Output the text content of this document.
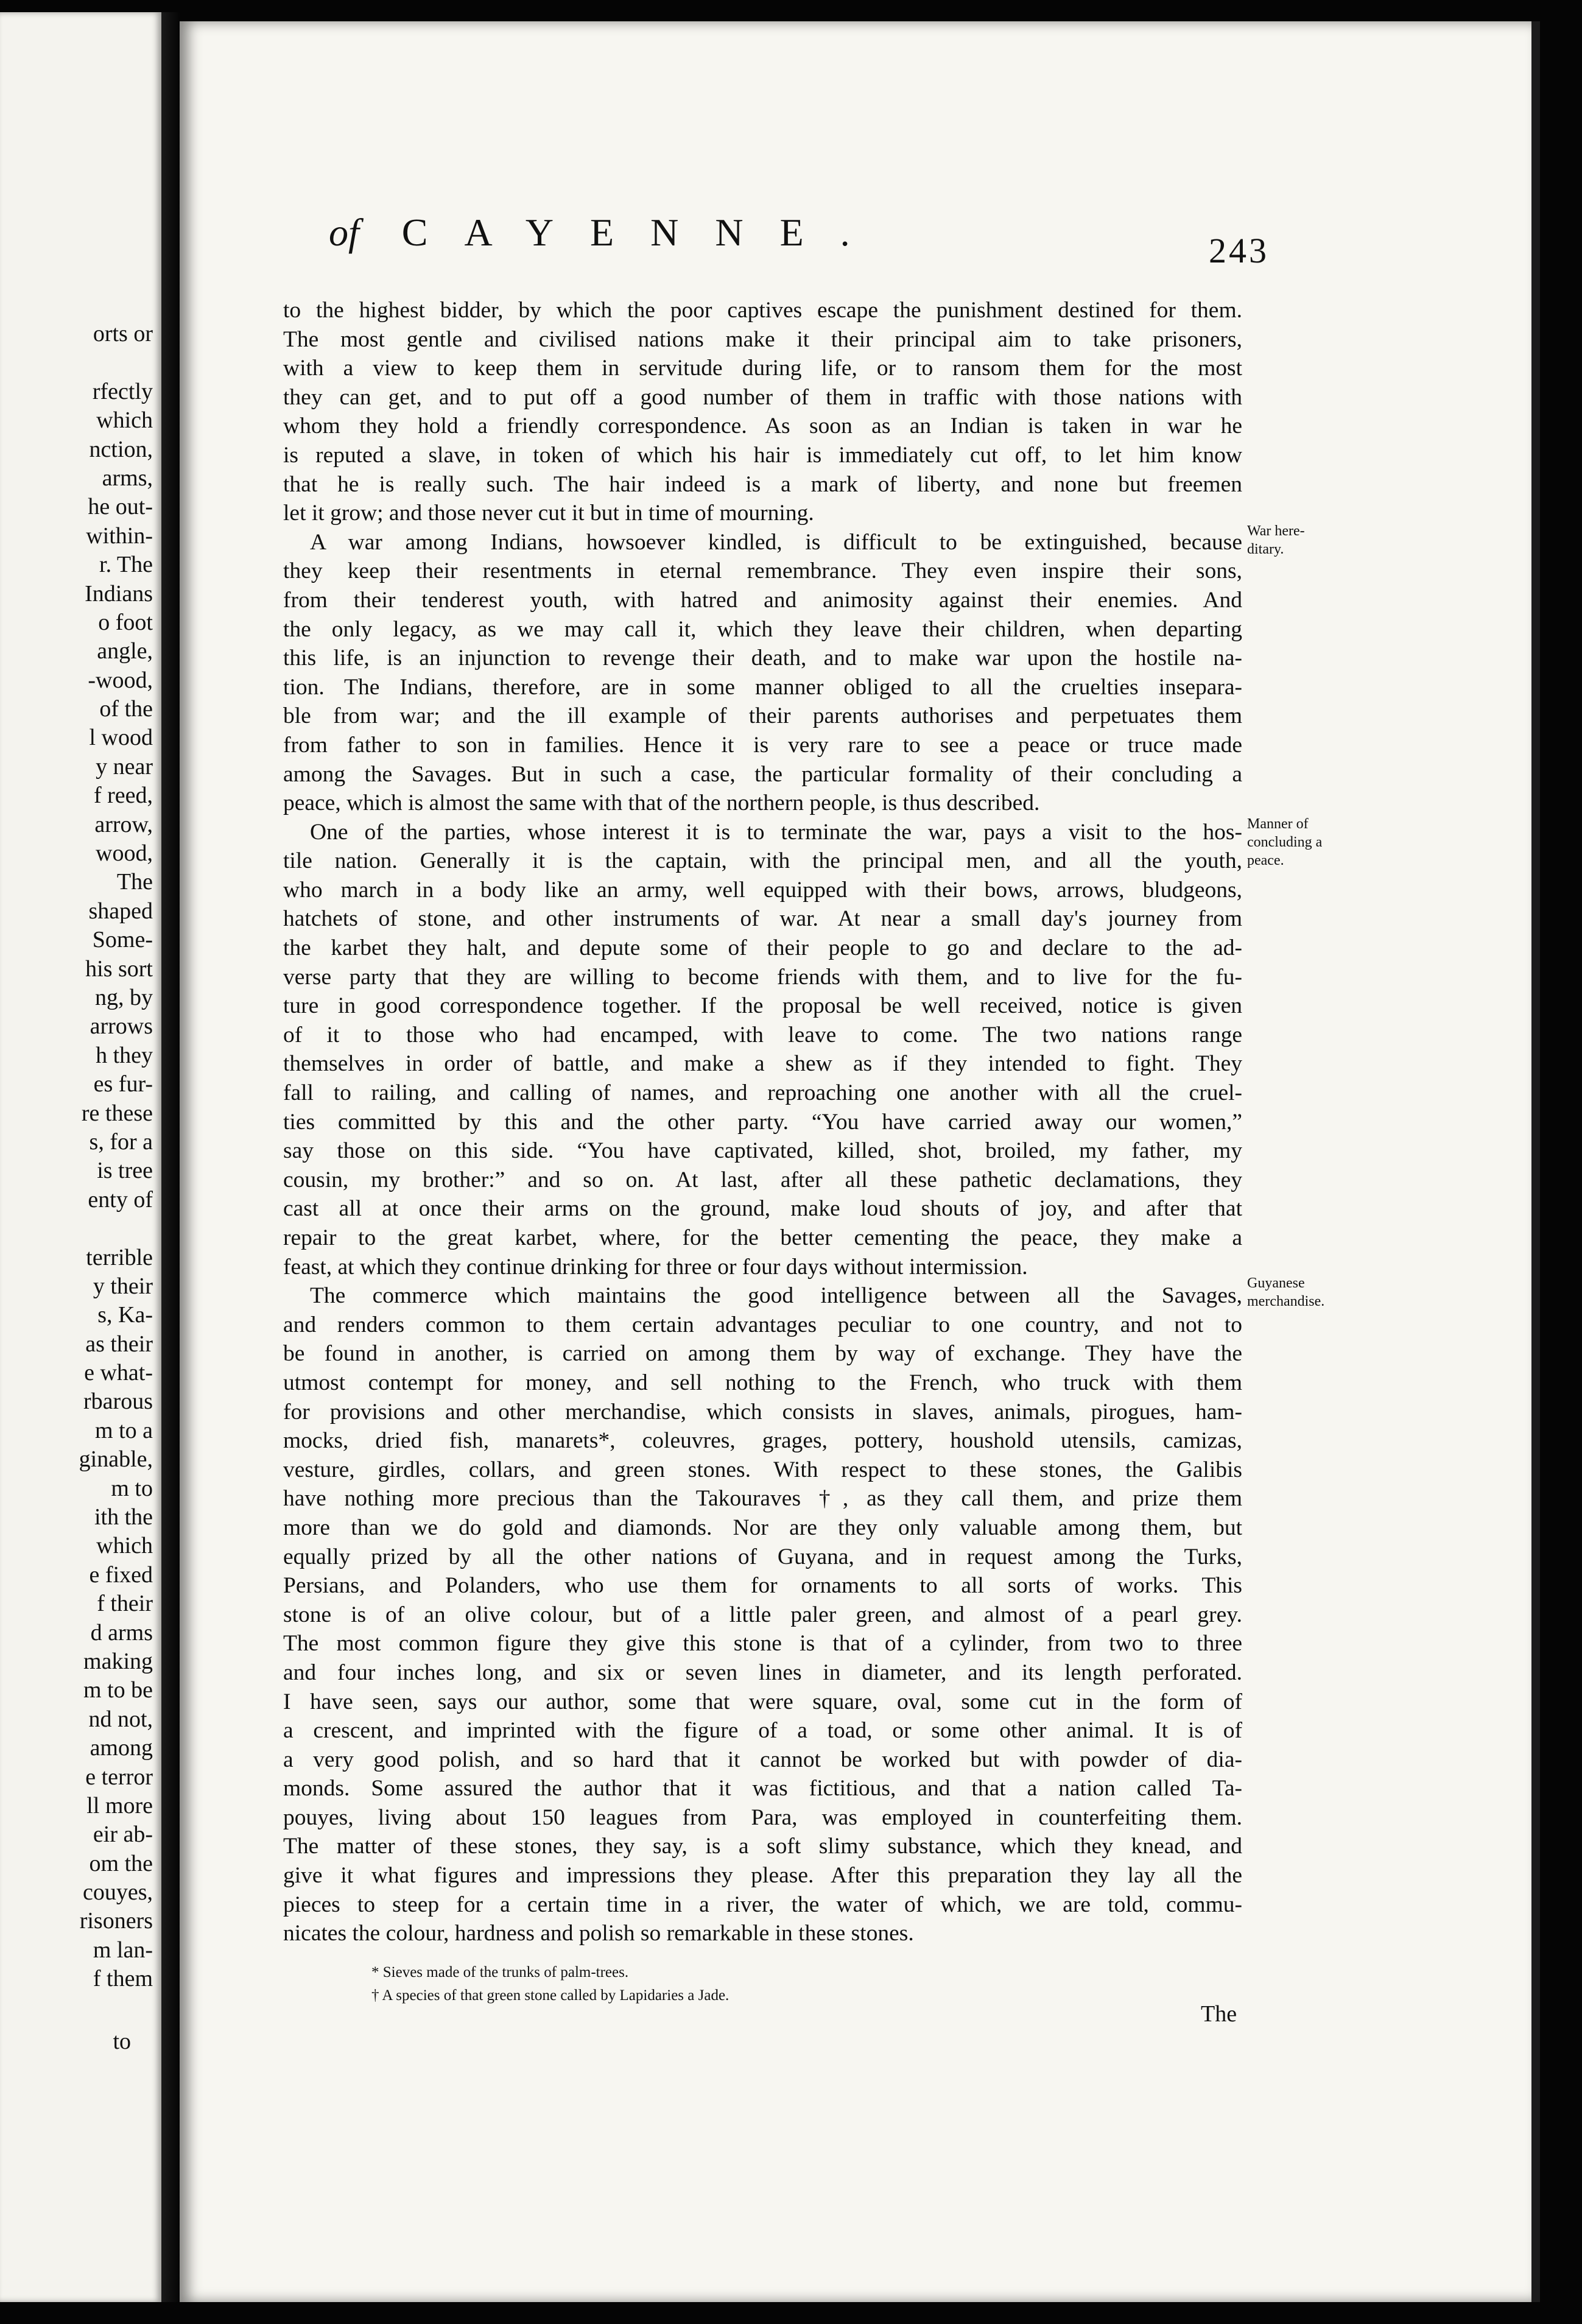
orts or
rfectly
which
nction,
arms,
he out-
within-
r. The
Indians
o foot
angle,
-wood,
of the
l wood
y near
f reed,
arrow,
wood,
The
shaped
Some-
his sort
ng, by
arrows
h they
es fur-
re these
s, for a
is tree
enty of
terrible
y their
s, Ka-
as their
e what-
rbarous
m to a
ginable,
m to
ith the
which
e fixed
f their
d arms
making
m to be
nd not,
among
e terror
ll more
eir ab-
om the
couyes,
risoners
m lan-
f them
to
of CAYENNE.	243
to the highest bidder, by which the poor captives escape the punishment destined for them.
The most gentle and civilised nations make it their principal aim to take prisoners,
with a view to keep them in servitude during life, or to ransom them for the most
they can get, and to put off a good number of them in traffic with those nations with
whom they hold a friendly correspondence. As soon as an Indian is taken in war he
is reputed a slave, in token of which his hair is immediately cut off, to let him know
that he is really such. The hair indeed is a mark of liberty, and none but freemen
let it grow; and those never cut it but in time of mourning.
A war among Indians, howsoever kindled, is difficult to be extinguished, because
they keep their resentments in eternal remembrance. They even inspire their sons,
from their tenderest youth, with hatred and animosity against their enemies. And
the only legacy, as we may call it, which they leave their children, when departing
this life, is an injunction to revenge their death, and to make war upon the hostile na-
tion. The Indians, therefore, are in some manner obliged to all the cruelties insepara-
ble from war; and the ill example of their parents authorises and perpetuates them
from father to son in families. Hence it is very rare to see a peace or truce made
among the Savages. But in such a case, the particular formality of their concluding a
peace, which is almost the same with that of the northern people, is thus described.
One of the parties, whose interest it is to terminate the war, pays a visit to the hos-
tile nation. Generally it is the captain, with the principal men, and all the youth,
who march in a body like an army, well equipped with their bows, arrows, bludgeons,
hatchets of stone, and other instruments of war. At near a small day's journey from
the karbet they halt, and depute some of their people to go and declare to the ad-
verse party that they are willing to become friends with them, and to live for the fu-
ture in good correspondence together. If the proposal be well received, notice is given
of it to those who had encamped, with leave to come. The two nations range
themselves in order of battle, and make a shew as if they intended to fight. They
fall to railing, and calling of names, and reproaching one another with all the cruel-
ties committed by this and the other party. “You have carried away our women,”
say those on this side. “You have captivated, killed, shot, broiled, my father, my
cousin, my brother:” and so on. At last, after all these pathetic declamations, they
cast all at once their arms on the ground, make loud shouts of joy, and after that
repair to the great karbet, where, for the better cementing the peace, they make a
feast, at which they continue drinking for three or four days without intermission.
The commerce which maintains the good intelligence between all the Savages,
and renders common to them certain advantages peculiar to one country, and not to
be found in another, is carried on among them by way of exchange. They have the
utmost contempt for money, and sell nothing to the French, who truck with them
for provisions and other merchandise, which consists in slaves, animals, pirogues, ham-
mocks, dried fish, manarets*, coleuvres, grages, pottery, houshold utensils, camizas,
vesture, girdles, collars, and green stones. With respect to these stones, the Galibis
have nothing more precious than the Takouraves †, as they call them, and prize them
more than we do gold and diamonds. Nor are they only valuable among them, but
equally prized by all the other nations of Guyana, and in request among the Turks,
Persians, and Polanders, who use them for ornaments to all sorts of works. This
stone is of an olive colour, but of a little paler green, and almost of a pearl grey.
The most common figure they give this stone is that of a cylinder, from two to three
and four inches long, and six or seven lines in diameter, and its length perforated.
I have seen, says our author, some that were square, oval, some cut in the form of
a crescent, and imprinted with the figure of a toad, or some other animal. It is of
a very good polish, and so hard that it cannot be worked but with powder of dia-
monds. Some assured the author that it was fictitious, and that a nation called Ta-
pouyes, living about 150 leagues from Para, was employed in counterfeiting them.
The matter of these stones, they say, is a soft slimy substance, which they knead, and
give it what figures and impressions they please. After this preparation they lay all the
pieces to steep for a certain time in a river, the water of which, we are told, commu-
nicates the colour, hardness and polish so remarkable in these stones.
War here-
ditary.
Manner of
concluding a
peace.
Guyanese
merchandise.
* Sieves made of the trunks of palm-trees.
† A species of that green stone called by Lapidaries a Jade.
The
